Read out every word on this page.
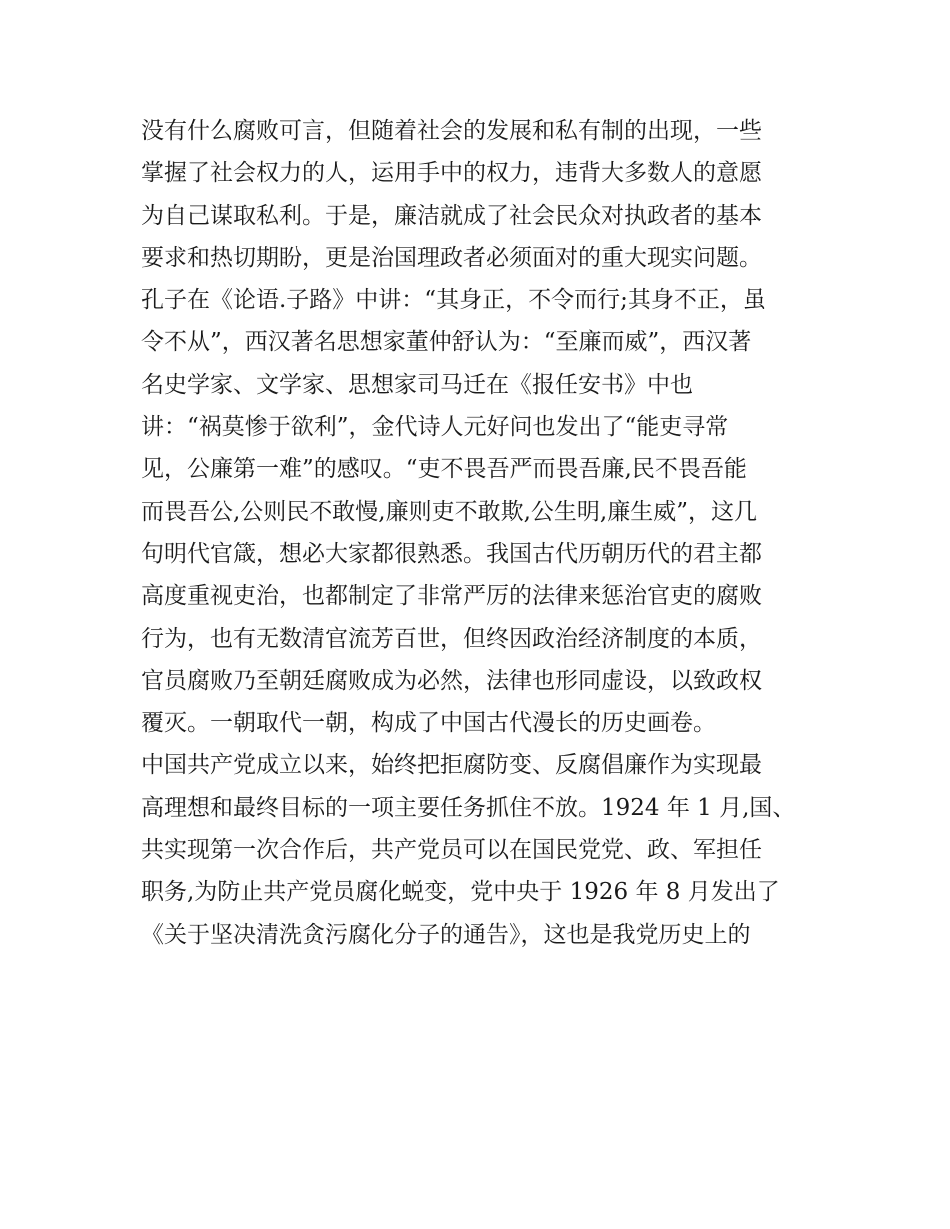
没有什么腐败可言，但随着社会的发展和私有制的出现，一些
掌握了社会权力的人，运用手中的权力，违背大多数人的意愿
为自己谋取私利。于是，廉洁就成了社会民众对执政者的基本
要求和热切期盼，更是治国理政者必须面对的重大现实问题。
孔子在《论语.子路》中讲：“其身正，不令而行;其身不正，虽
令不从”，西汉著名思想家董仲舒认为：“至廉而威”，西汉著
名史学家、文学家、思想家司马迁在《报任安书》中也
讲：“祸莫惨于欲利”，金代诗人元好问也发出了“能吏寻常
见，公廉第一难”的感叹。“吏不畏吾严而畏吾廉,民不畏吾能
而畏吾公,公则民不敢慢,廉则吏不敢欺,公生明,廉生威”，这几
句明代官箴，想必大家都很熟悉。我国古代历朝历代的君主都
高度重视吏治，也都制定了非常严厉的法律来惩治官吏的腐败
行为，也有无数清官流芳百世，但终因政治经济制度的本质，
官员腐败乃至朝廷腐败成为必然，法律也形同虚设，以致政权
覆灭。一朝取代一朝，构成了中国古代漫长的历史画卷。
中国共产党成立以来，始终把拒腐防变、反腐倡廉作为实现最
高理想和最终目标的一项主要任务抓住不放。1924 年 1 月,国、
共实现第一次合作后，共产党员可以在国民党党、政、军担任
职务,为防止共产党员腐化蜕变，党中央于 1926 年 8 月发出了
《关于坚决清洗贪污腐化分子的通告》，这也是我党历史上的
